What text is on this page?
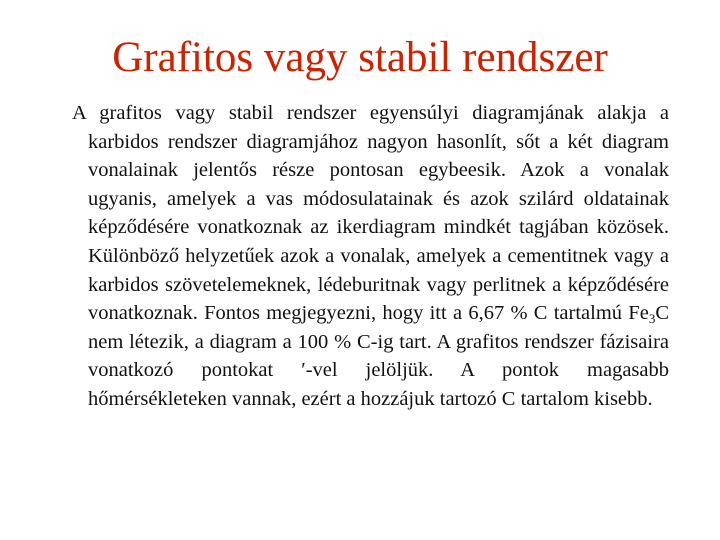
Grafitos vagy stabil rendszer

A grafitos vagy stabil rendszer egyensúlyi diagramjának alakja a karbidos rendszer diagramjához nagyon hasonlít, sőt a két diagram vonalainak jelentős része pontosan egybeesik. Azok a vonalak ugyanis, amelyek a vas módosulatainak és azok szilárd oldatainak képződésére vonatkoznak az ikerdiagram mindkét tagjában közösek. Különböző helyzetűek azok a vonalak, amelyek a cementitnek vagy a karbidos szövetelemeknek, lédeburitnak vagy perlitnek a képződésére vonatkoznak. Fontos megjegyezni, hogy itt a 6,67 % C tartalmú $Fe_3C$ nem létezik, a diagram a 100 % C-ig tart. A grafitos rendszer fázisaira vonatkozó pontokat ′-vel jelöljük. A pontok magasabb hőmérsékleteken vannak, ezért a hozzájuk tartozó C tartalom kisebb.
